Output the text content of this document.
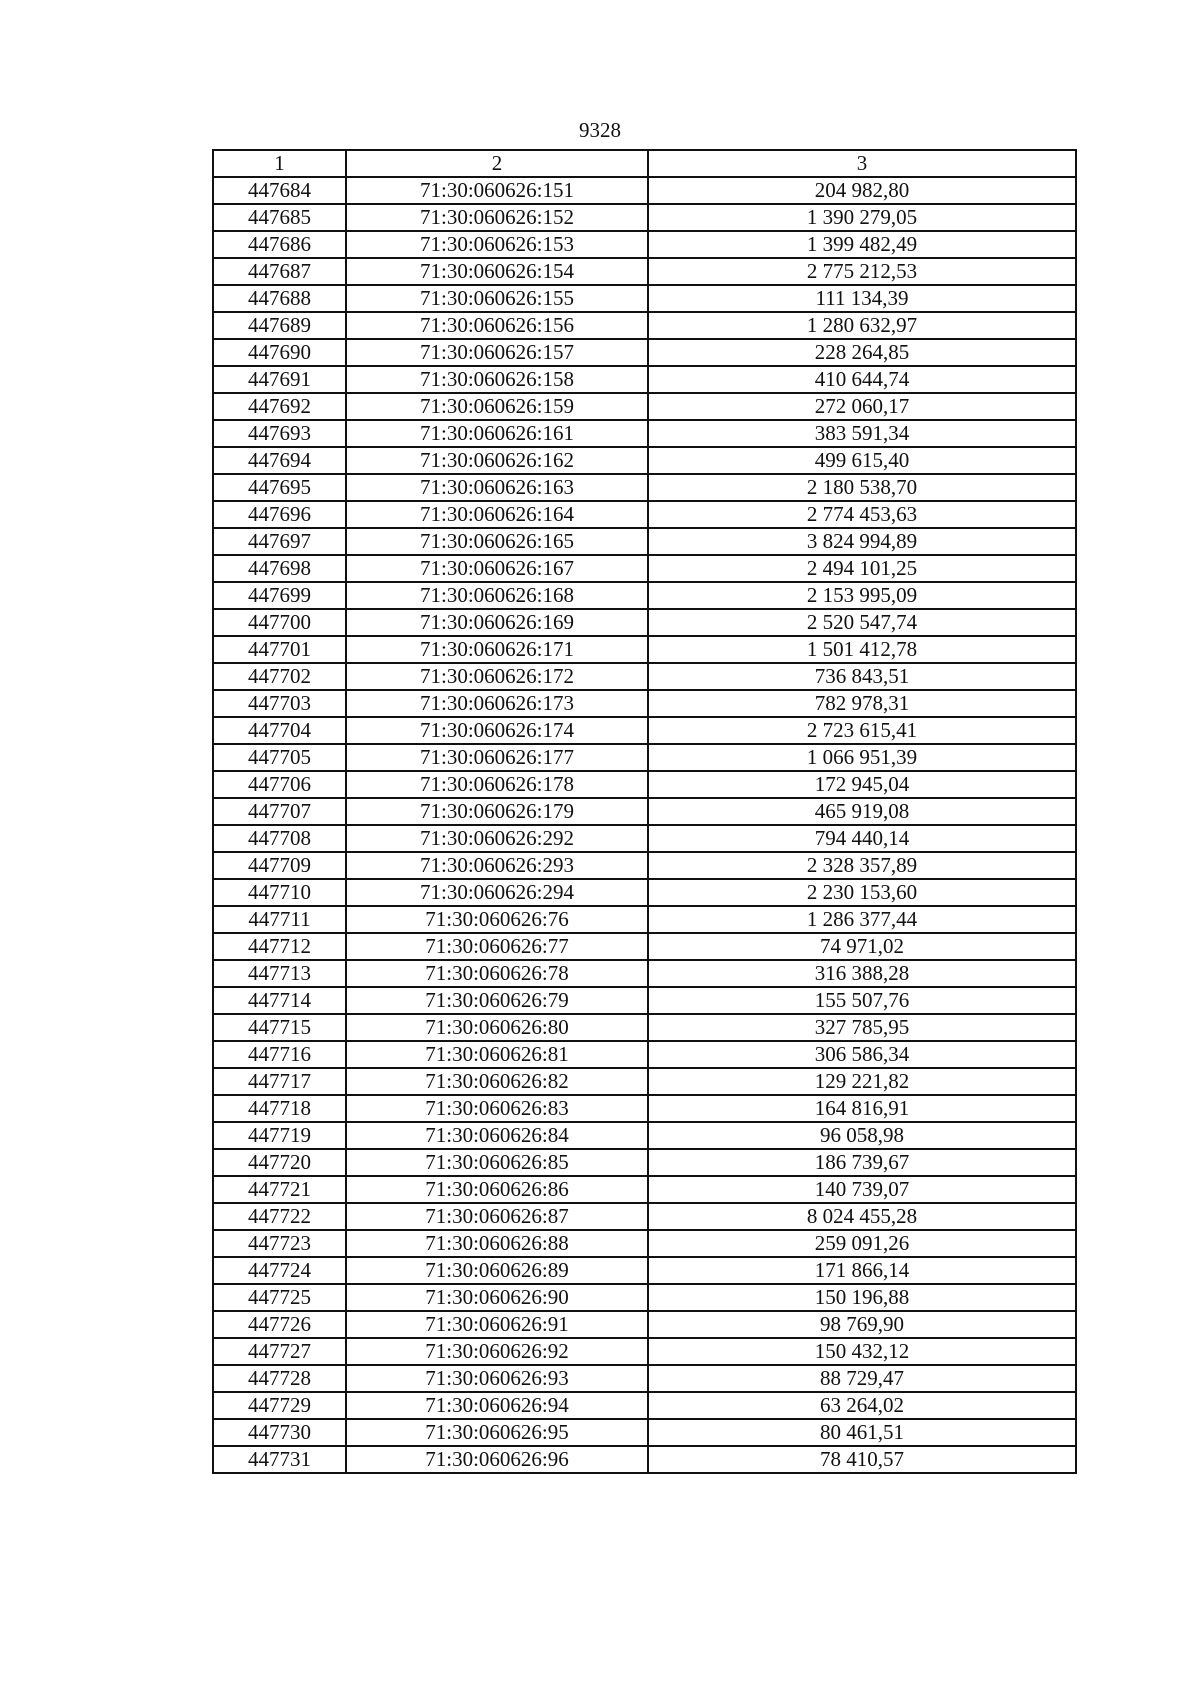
9328
1	2	3
447684	71:30:060626:151	204 982,80
447685	71:30:060626:152	1 390 279,05
447686	71:30:060626:153	1 399 482,49
447687	71:30:060626:154	2 775 212,53
447688	71:30:060626:155	111 134,39
447689	71:30:060626:156	1 280 632,97
447690	71:30:060626:157	228 264,85
447691	71:30:060626:158	410 644,74
447692	71:30:060626:159	272 060,17
447693	71:30:060626:161	383 591,34
447694	71:30:060626:162	499 615,40
447695	71:30:060626:163	2 180 538,70
447696	71:30:060626:164	2 774 453,63
447697	71:30:060626:165	3 824 994,89
447698	71:30:060626:167	2 494 101,25
447699	71:30:060626:168	2 153 995,09
447700	71:30:060626:169	2 520 547,74
447701	71:30:060626:171	1 501 412,78
447702	71:30:060626:172	736 843,51
447703	71:30:060626:173	782 978,31
447704	71:30:060626:174	2 723 615,41
447705	71:30:060626:177	1 066 951,39
447706	71:30:060626:178	172 945,04
447707	71:30:060626:179	465 919,08
447708	71:30:060626:292	794 440,14
447709	71:30:060626:293	2 328 357,89
447710	71:30:060626:294	2 230 153,60
447711	71:30:060626:76	1 286 377,44
447712	71:30:060626:77	74 971,02
447713	71:30:060626:78	316 388,28
447714	71:30:060626:79	155 507,76
447715	71:30:060626:80	327 785,95
447716	71:30:060626:81	306 586,34
447717	71:30:060626:82	129 221,82
447718	71:30:060626:83	164 816,91
447719	71:30:060626:84	96 058,98
447720	71:30:060626:85	186 739,67
447721	71:30:060626:86	140 739,07
447722	71:30:060626:87	8 024 455,28
447723	71:30:060626:88	259 091,26
447724	71:30:060626:89	171 866,14
447725	71:30:060626:90	150 196,88
447726	71:30:060626:91	98 769,90
447727	71:30:060626:92	150 432,12
447728	71:30:060626:93	88 729,47
447729	71:30:060626:94	63 264,02
447730	71:30:060626:95	80 461,51
447731	71:30:060626:96	78 410,57
